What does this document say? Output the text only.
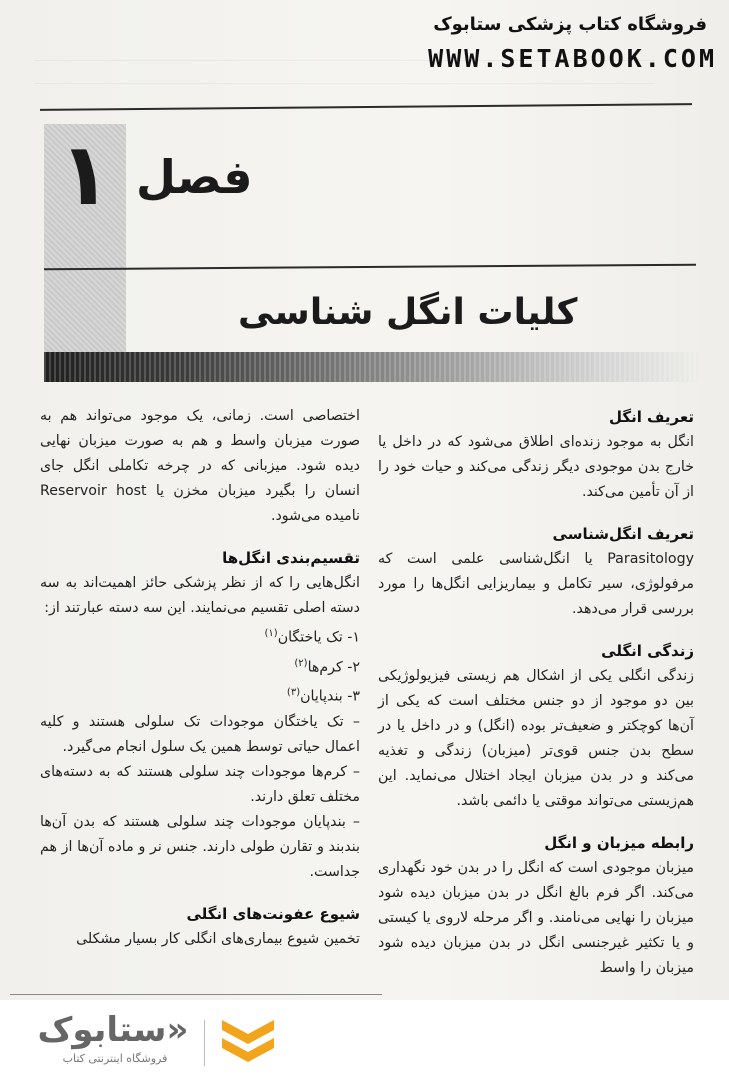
۱ فصل
کلیات انگل شناسی
تعریف انگل

انگل به موجود زنده‌ای اطلاق می‌شود که در داخل یا خارج بدن موجودی دیگر زندگی می‌کند و حیات خود را از آن تأمین می‌کند.

تعریف انگل‌شناسی

Parasitology یا انگل‌شناسی علمی است که مرفولوژی، سیر تکامل و بیماریزایی انگل‌ها را مورد بررسی قرار می‌دهد.

زندگی انگلی

زندگی انگلی یکی از اشکال هم زیستی فیزیولوژیکی بین دو موجود از دو جنس مختلف است که یکی از آن‌ها کوچکتر و ضعیف‌تر بوده (انگل) و در داخل یا در سطح بدن جنس قوی‌تر (میزبان) زندگی و تغذیه می‌کند و در بدن میزبان ایجاد اختلال می‌نماید. این هم‌زیستی می‌تواند موقتی یا دائمی باشد.

رابطه میزبان و انگل

میزبان موجودی است که انگل را در بدن خود نگهداری می‌کند. اگر فرم بالغ انگل در بدن میزبان دیده شود میزبان را نهایی می‌نامند. و اگر مرحله لاروی یا کیستی و یا تکثیر غیرجنسی انگل در بدن میزبان دیده شود میزبان را واسط

اختصاصی است. زمانی، یک موجود می‌تواند هم به صورت میزبان واسط و هم به صورت میزبان نهایی دیده شود. میزبانی که در چرخه تکاملی انگل جای انسان را بگیرد میزبان مخزن یا Reservoir host نامیده می‌شود.

تقسیم‌بندی انگل‌ها

انگل‌هایی را که از نظر پزشکی حائز اهمیت‌اند به سه دسته اصلی تقسیم می‌نمایند. این سه دسته عبارتند از:

۱- تک یاختگان$^{(۱)}$

۲- کرم‌ها$^{(۲)}$

۳- بندپایان$^{(۳)}$

– تک یاختگان موجودات تک سلولی هستند و کلیه اعمال حیاتی توسط همین یک سلول انجام می‌گیرد.

– کرم‌ها موجودات چند سلولی هستند که به دسته‌های مختلف تعلق دارند.

– بندپایان موجودات چند سلولی هستند که بدن آن‌ها بندبند و تقارن طولی دارند. جنس نر و ماده آن‌ها از هم جداست.

شیوع عفونت‌های انگلی

تخمین شیوع بیماری‌های انگلی کار بسیار مشکلی

فروشگاه کتاب پزشکی ستابوک
WWW.SETABOOK.COM
«ستابوک
فروشگاه اینترنتی کتاب
